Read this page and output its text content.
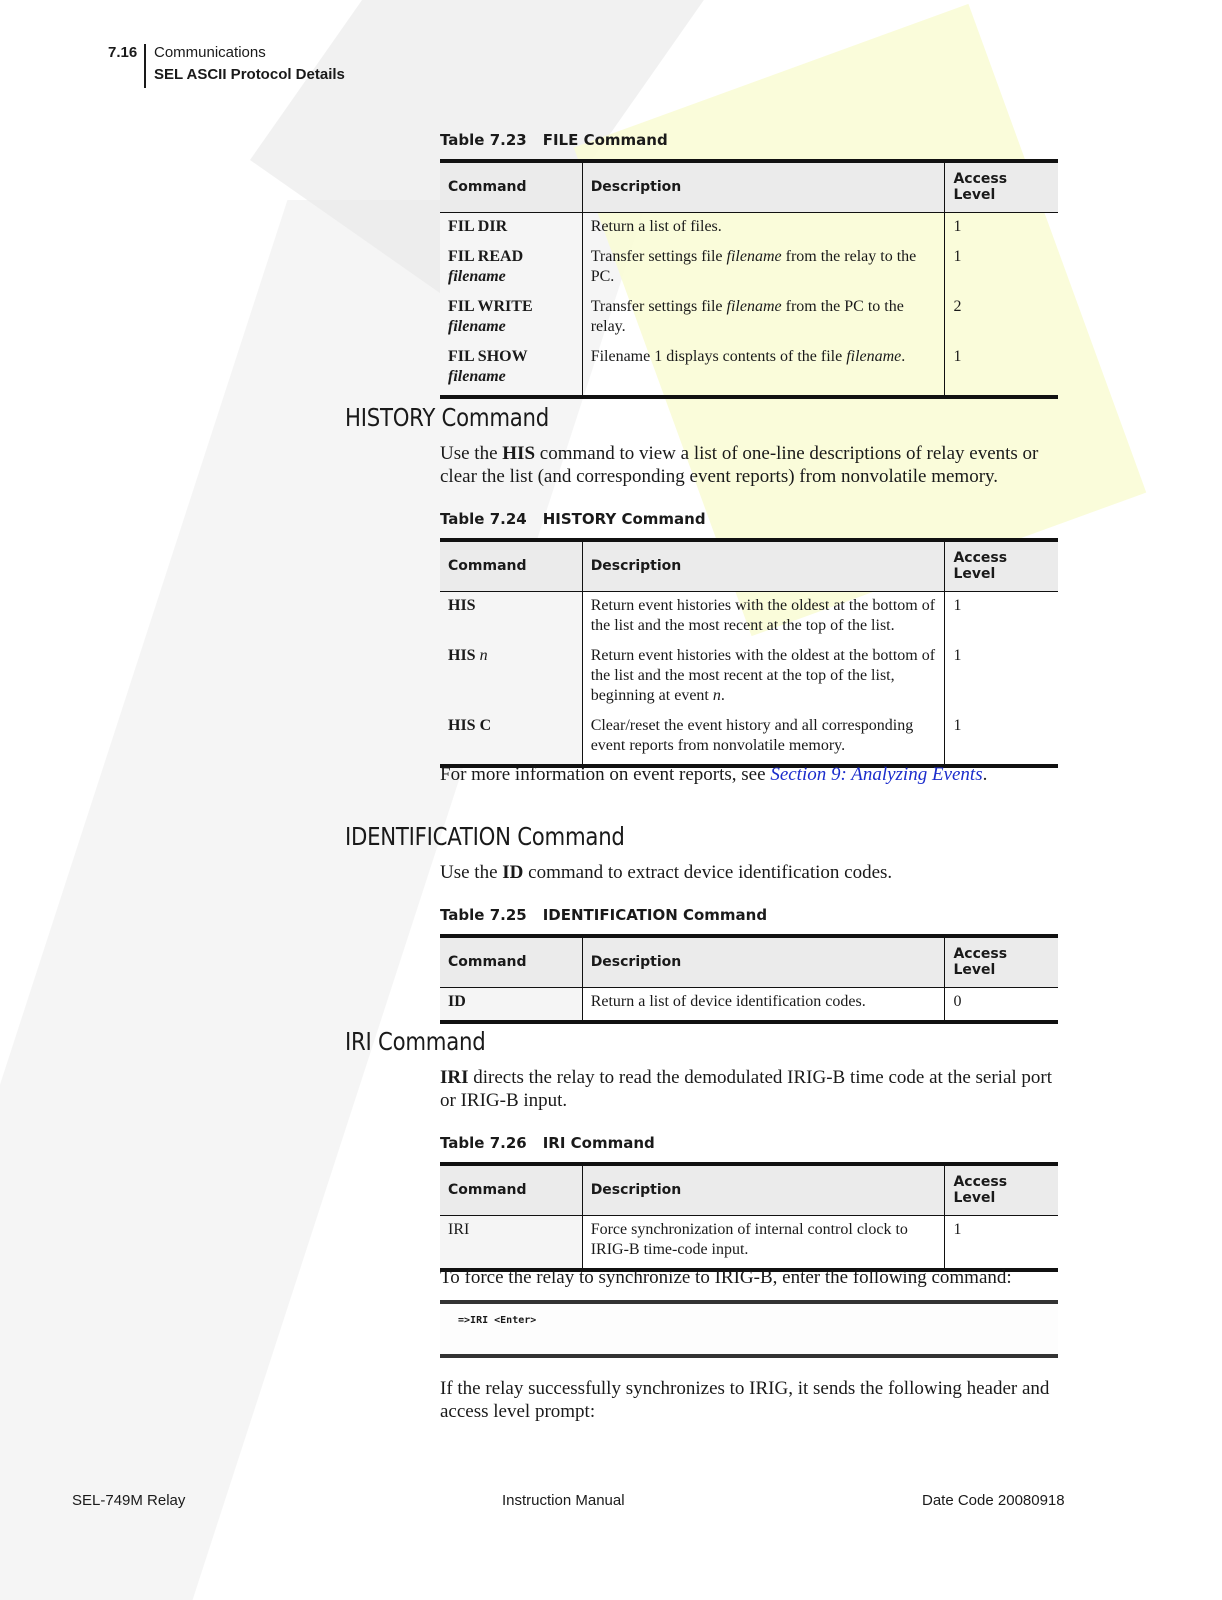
7.16 Communications
SEL ASCII Protocol Details
Table 7.23 FILE Command
Command	Description	Access Level
FIL DIR	Return a list of files.	1
FIL READ
filename	Transfer settings file filename from the relay to the PC.	1
FIL WRITE
filename	Transfer settings file filename from the PC to the relay.	2
FIL SHOW
filename	Filename 1 displays contents of the file filename.	1
HISTORY Command
Use the HIS command to view a list of one-line descriptions of relay events or clear the list (and corresponding event reports) from nonvolatile memory.
Table 7.24 HISTORY Command
Command	Description	Access Level
HIS	Return event histories with the oldest at the bottom of the list and the most recent at the top of the list.	1
HIS n	Return event histories with the oldest at the bottom of the list and the most recent at the top of the list, beginning at event n.	1
HIS C	Clear/reset the event history and all corresponding event reports from nonvolatile memory.	1
For more information on event reports, see Section 9: Analyzing Events.
IDENTIFICATION Command
Use the ID command to extract device identification codes.
Table 7.25 IDENTIFICATION Command
Command	Description	Access Level
ID	Return a list of device identification codes.	0
IRI Command
IRI directs the relay to read the demodulated IRIG-B time code at the serial port or IRIG-B input.
Table 7.26 IRI Command
Command	Description	Access Level
IRI	Force synchronization of internal control clock to IRIG-B time-code input.	1
To force the relay to synchronize to IRIG-B, enter the following command:
=>IRI <Enter>
If the relay successfully synchronizes to IRIG, it sends the following header and access level prompt:
SEL-749M Relay	Instruction Manual	Date Code 20080918
